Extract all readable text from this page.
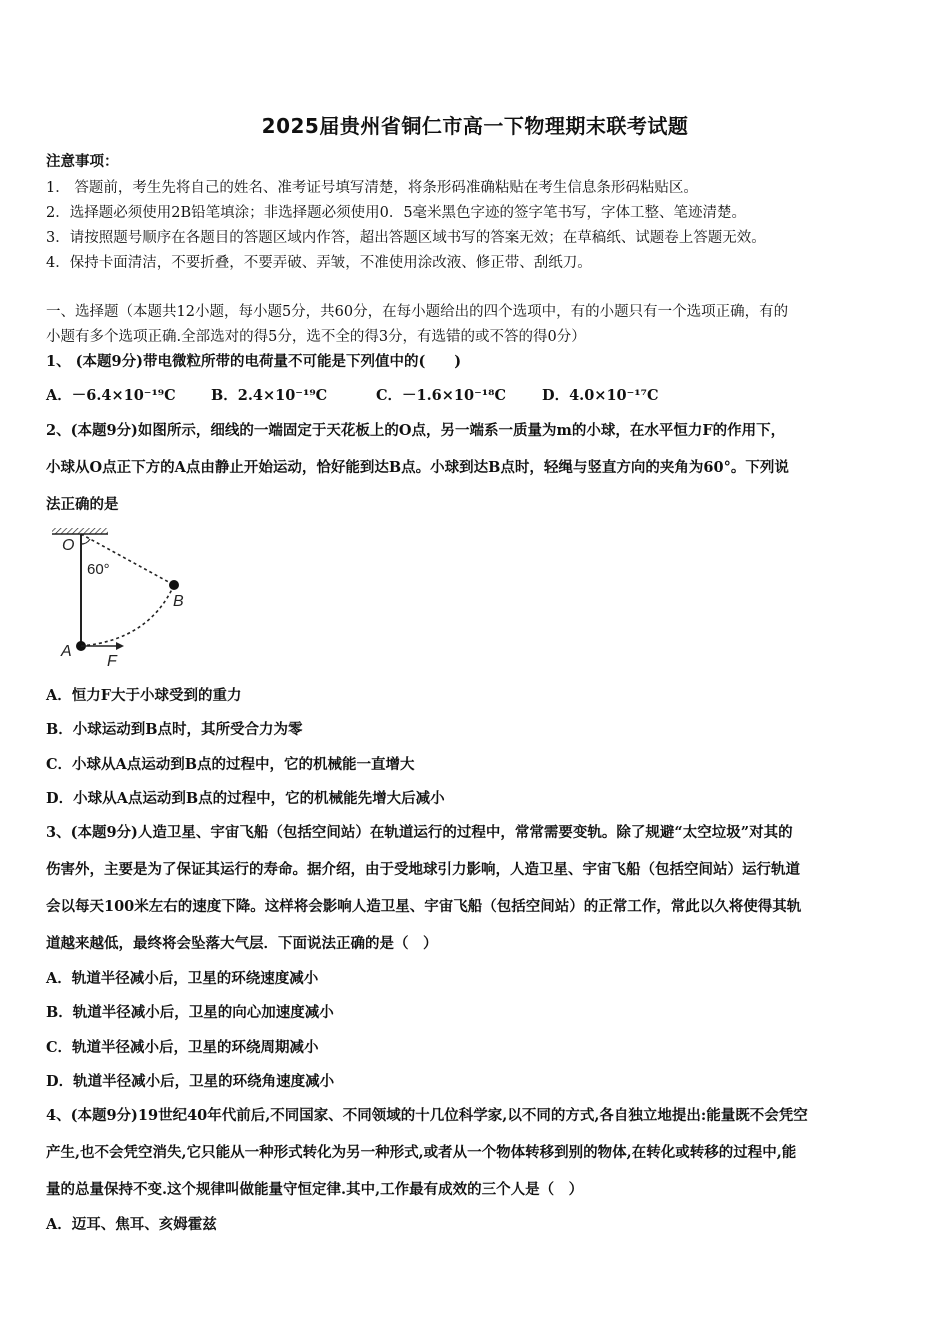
2025届贵州省铜仁市高一下物理期末联考试题
注意事项：
1． 答题前，考生先将自己的姓名、准考证号填写清楚，将条形码准确粘贴在考生信息条形码粘贴区。
2．选择题必须使用2B铅笔填涂；非选择题必须使用0．5毫米黑色字迹的签字笔书写，字体工整、笔迹清楚。
3．请按照题号顺序在各题目的答题区域内作答，超出答题区域书写的答案无效；在草稿纸、试题卷上答题无效。
4．保持卡面清洁，不要折叠，不要弄破、弄皱，不准使用涂改液、修正带、刮纸刀。
一、选择题（本题共12小题，每小题5分，共60分，在每小题给出的四个选项中，有的小题只有一个选项正确，有的
小题有多个选项正确.全部选对的得5分，选不全的得3分，有选错的或不答的得0分）
1、 (本题9分)带电微粒所带的电荷量不可能是下列值中的(　　)
A．－6.4×10⁻¹⁹C B．2.4×10⁻¹⁹C	C．－1.6×10⁻¹⁸C D．4.0×10⁻¹⁷C
2、(本题9分)如图所示，细线的一端固定于天花板上的O点，另一端系一质量为m的小球，在水平恒力F的作用下，
小球从O点正下方的A点由静止开始运动，恰好能到达B点。小球到达B点时，轻绳与竖直方向的夹角为60°。下列说
法正确的是
O
60°
B
A
F
A．恒力F大于小球受到的重力
B．小球运动到B点时，其所受合力为零
C．小球从A点运动到B点的过程中，它的机械能一直增大
D．小球从A点运动到B点的过程中，它的机械能先增大后减小
3、(本题9分)人造卫星、宇宙飞船（包括空间站）在轨道运行的过程中，常常需要变轨。除了规避“太空垃圾”对其的
伤害外，主要是为了保证其运行的寿命。据介绍，由于受地球引力影响，人造卫星、宇宙飞船（包括空间站）运行轨道
会以每天100米左右的速度下降。这样将会影响人造卫星、宇宙飞船（包括空间站）的正常工作，常此以久将使得其轨
道越来越低，最终将会坠落大气层．下面说法正确的是（　）
A．轨道半径减小后，卫星的环绕速度减小
B．轨道半径减小后，卫星的向心加速度减小
C．轨道半径减小后，卫星的环绕周期减小
D．轨道半径减小后，卫星的环绕角速度减小
4、(本题9分)19世纪40年代前后,不同国家、不同领域的十几位科学家,以不同的方式,各自独立地提出:能量既不会凭空
产生,也不会凭空消失,它只能从一种形式转化为另一种形式,或者从一个物体转移到别的物体,在转化或转移的过程中,能
量的总量保持不变.这个规律叫做能量守恒定律.其中,工作最有成效的三个人是（　）
A．迈耳、焦耳、亥姆霍兹
